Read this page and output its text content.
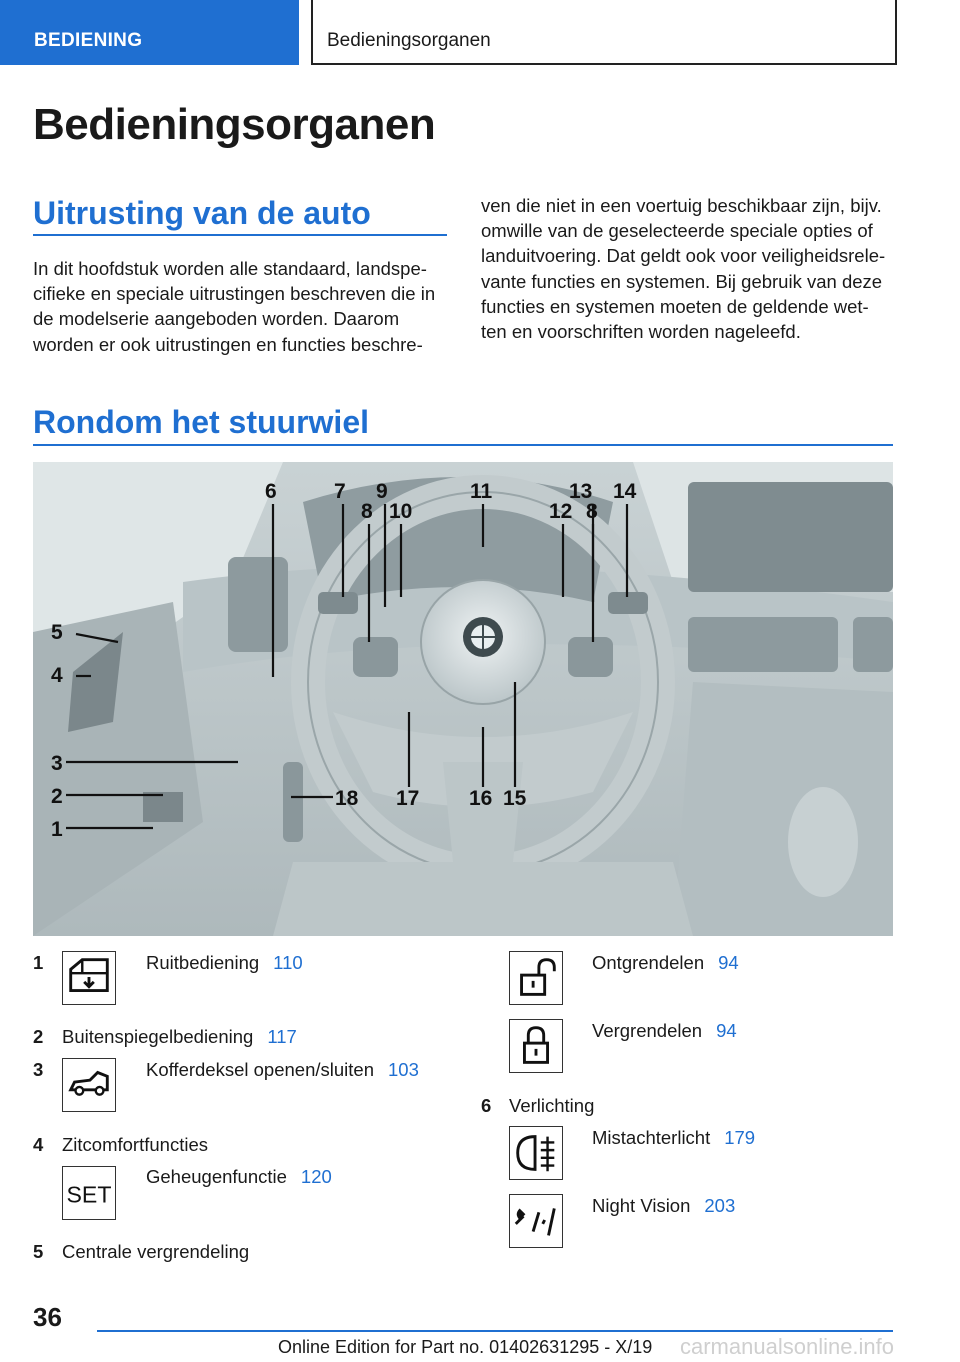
BEDIENING	Bedieningsorganen
Bedieningsorganen
Uitrusting van de auto
In dit hoofdstuk worden alle standaard, landspe-
cifieke en speciale uitrustingen beschreven die in
de modelserie aangeboden worden. Daarom
worden er ook uitrustingen en functies beschre-
ven die niet in een voertuig beschikbaar zijn, bijv.
omwille van de geselecteerde speciale opties of
landuitvoering. Dat geldt ook voor veiligheidsrele-
vante functies en systemen. Bij gebruik van deze
functies en systemen moeten de geldende wet-
ten en voorschriften worden nageleefd.
Rondom het stuurwiel
5
4
3
2
1
6	7
8
9
10
11
12
13
8
14
15
16
17
18
1	Ruitbediening 110
2 Buitenspiegelbediening 117
3	Kofferdeksel openen/sluiten 103
4 Zitcomfortfuncties
SET
Geheugenfunctie 120
5 Centrale vergrendeling
Ontgrendelen 94
Vergrendelen 94
6 Verlichting
Mistachterlicht 179
Night Vision 203
36
Online Edition for Part no. 01402631295 - X/19 carmanualsonline.info
